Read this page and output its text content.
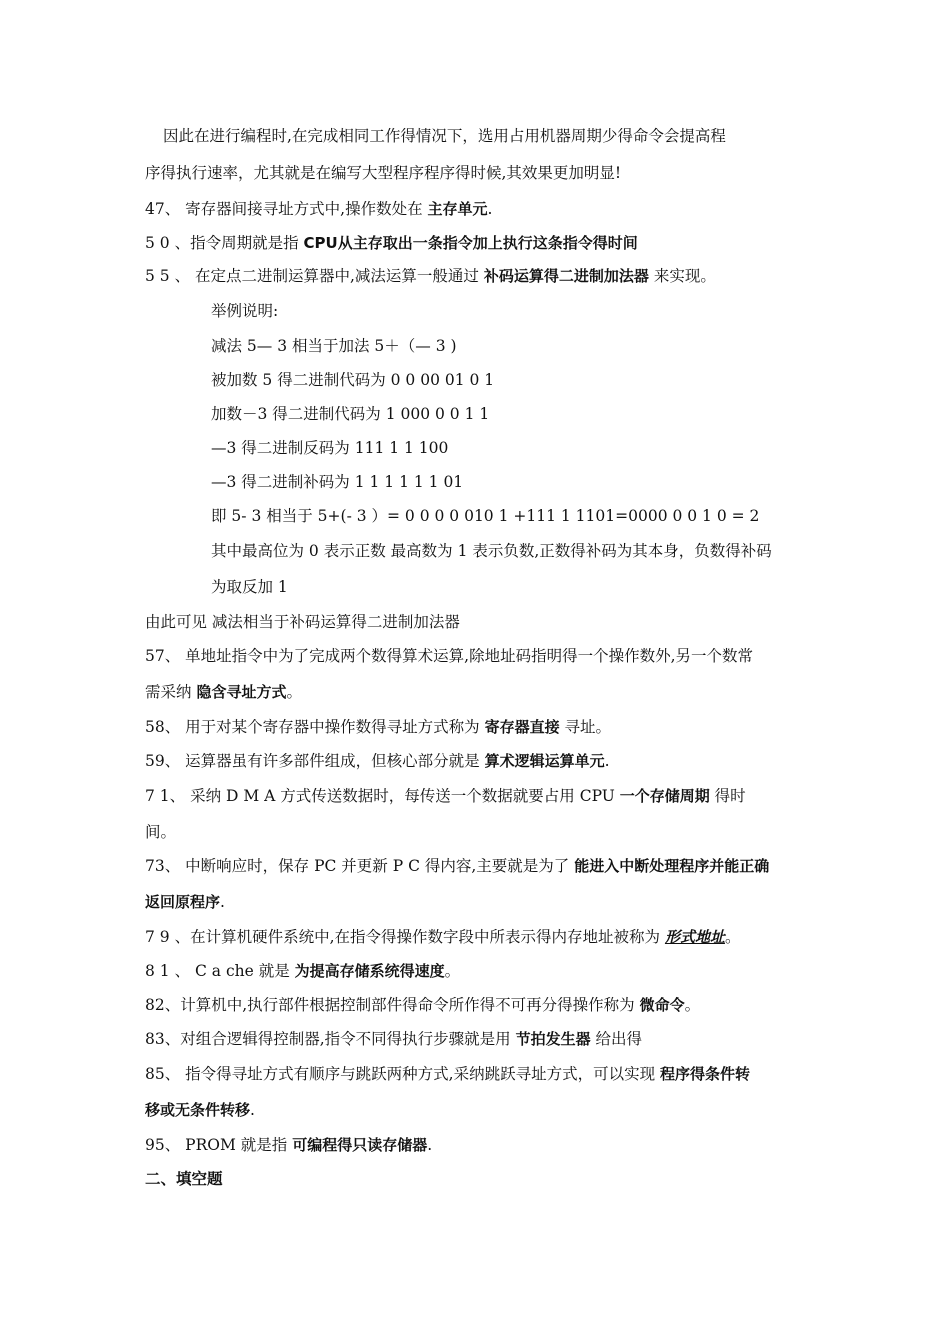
因此在进行编程时,在完成相同工作得情况下，选用占用机器周期少得命令会提高程
序得执行速率，尤其就是在编写大型程序程序得时候,其效果更加明显!
47、 寄存器间接寻址方式中,操作数处在 主存单元.
5 0 、指令周期就是指 CPU从主存取出一条指令加上执行这条指令得时间
5 5 、 在定点二进制运算器中,减法运算一般通过 补码运算得二进制加法器 来实现。
举例说明:
减法 5— 3 相当于加法 5＋（— 3 )
被加数 5 得二进制代码为 0 0 00 01 0 1
加数－3 得二进制代码为 1 000 0 0 1 1
—3 得二进制反码为 111 1 1 100
—3 得二进制补码为 1 1 1 1 1 1 01
即 5- 3 相当于 5+(- 3 ）= 0 0 0 0 010 1 +111 1 1101=0000 0 0 1 0 = 2
其中最高位为 0 表示正数 最高数为 1 表示负数,正数得补码为其本身，负数得补码
为取反加 1
由此可见 减法相当于补码运算得二进制加法器
57、 单地址指令中为了完成两个数得算术运算,除地址码指明得一个操作数外,另一个数常
需采纳 隐含寻址方式。
58、 用于对某个寄存器中操作数得寻址方式称为 寄存器直接 寻址。
59、 运算器虽有许多部件组成，但核心部分就是 算术逻辑运算单元.
7 1、 采纳 D M A 方式传送数据时，每传送一个数据就要占用 CPU 一个存储周期 得时
间。
73、 中断响应时，保存 PC 并更新 P C 得内容,主要就是为了 能进入中断处理程序并能正确
返回原程序.
7 9 、在计算机硬件系统中,在指令得操作数字段中所表示得内存地址被称为 形式地址。
8 1 、 C a che 就是 为提高存储系统得速度。
82、计算机中,执行部件根据控制部件得命令所作得不可再分得操作称为 微命令。
83、对组合逻辑得控制器,指令不同得执行步骤就是用 节拍发生器 给出得
85、 指令得寻址方式有顺序与跳跃两种方式,采纳跳跃寻址方式，可以实现 程序得条件转
移或无条件转移.
95、 PROM 就是指 可编程得只读存储器.
二、填空题
